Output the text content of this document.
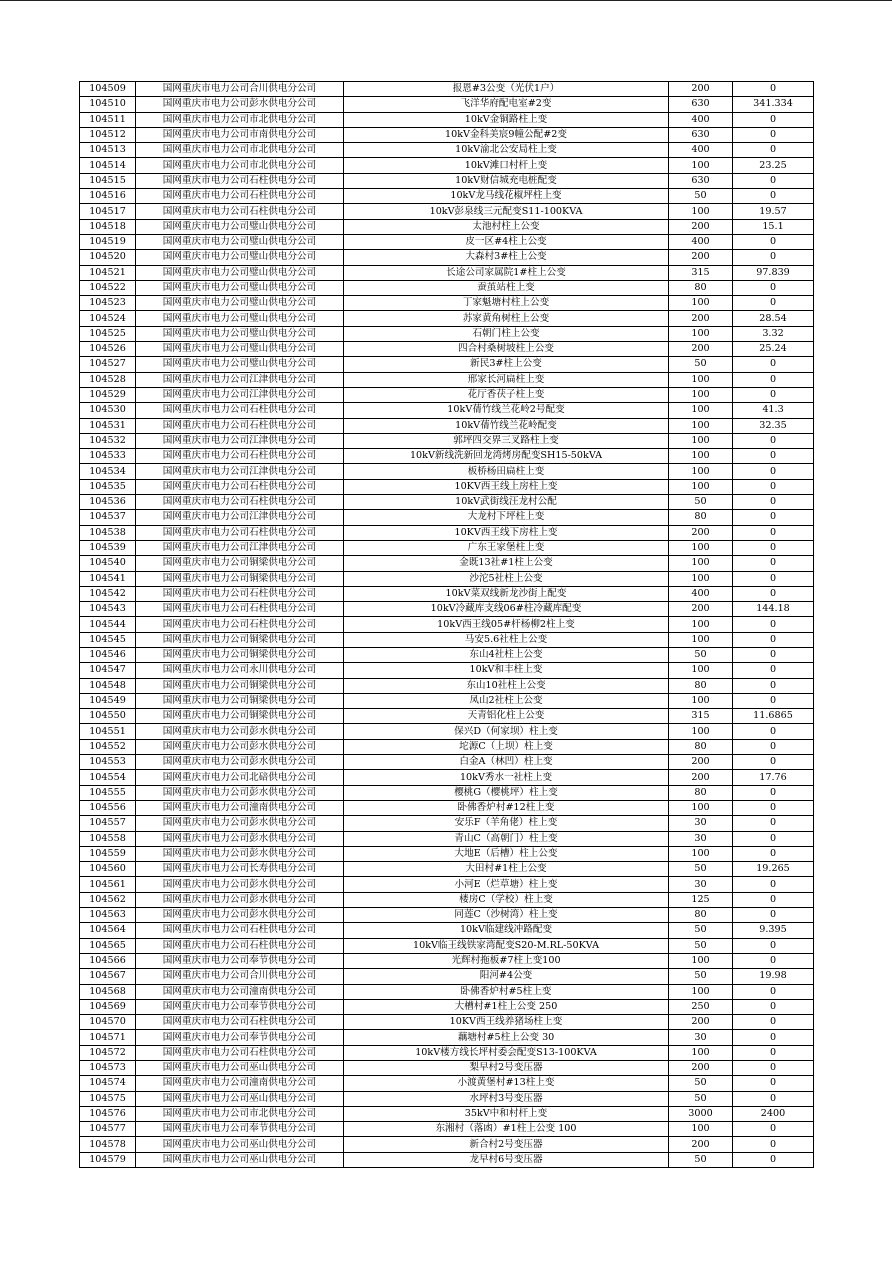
104509	国网重庆市电力公司合川供电分公司	报恩#3公变（光伏1户）	200	0
104510	国网重庆市电力公司彭水供电分公司	飞洋华府配电室#2变	630	341.334
104511	国网重庆市电力公司市北供电分公司	10kV金铜路柱上变	400	0
104512	国网重庆市电力公司市南供电分公司	10kV金科美宸9幢公配#2变	630	0
104513	国网重庆市电力公司市北供电分公司	10kV渝北公安局柱上变	400	0
104514	国网重庆市电力公司市北供电分公司	10kV滩口村杆上变	100	23.25
104515	国网重庆市电力公司石柱供电分公司	10kV财信城充电桩配变	630	0
104516	国网重庆市电力公司石柱供电分公司	10kV龙马线花椒坪柱上变	50	0
104517	国网重庆市电力公司石柱供电分公司	10kV彭泉线三元配变S11-100KVA	100	19.57
104518	国网重庆市电力公司璧山供电分公司	太池村柱上公变	200	15.1
104519	国网重庆市电力公司璧山供电分公司	皮一区#4柱上公变	400	0
104520	国网重庆市电力公司璧山供电分公司	大森村3#柱上公变	200	0
104521	国网重庆市电力公司璧山供电分公司	长途公司家属院1#柱上公变	315	97.839
104522	国网重庆市电力公司璧山供电分公司	蚕茧站柱上变	80	0
104523	国网重庆市电力公司璧山供电分公司	丁家魁塘村柱上公变	100	0
104524	国网重庆市电力公司璧山供电分公司	苏家黄角树柱上公变	200	28.54
104525	国网重庆市电力公司璧山供电分公司	石朝门柱上公变	100	3.32
104526	国网重庆市电力公司璧山供电分公司	四合村桑树坡柱上公变	200	25.24
104527	国网重庆市电力公司璧山供电分公司	新民3#柱上公变	50	0
104528	国网重庆市电力公司江津供电分公司	邢家长河扁柱上变	100	0
104529	国网重庆市电力公司江津供电分公司	花厅香茯子柱上变	100	0
104530	国网重庆市电力公司石柱供电分公司	10kV蒨竹线兰花岭2号配变	100	41.3
104531	国网重庆市电力公司石柱供电分公司	10kV蒨竹线兰花岭配变	100	32.35
104532	国网重庆市电力公司江津供电分公司	郭坪四交界三叉路柱上变	100	0
104533	国网重庆市电力公司石柱供电分公司	10kV新线洗新回龙湾烤房配变SH15-50kVA	100	0
104534	国网重庆市电力公司江津供电分公司	板桥杨田扁柱上变	100	0
104535	国网重庆市电力公司石柱供电分公司	10KV西王线上房柱上变	100	0
104536	国网重庆市电力公司石柱供电分公司	10kV武街线汪龙村公配	50	0
104537	国网重庆市电力公司江津供电分公司	大龙村下坪柱上变	80	0
104538	国网重庆市电力公司石柱供电分公司	10KV西王线下房柱上变	200	0
104539	国网重庆市电力公司江津供电分公司	广东王家堡柱上变	100	0
104540	国网重庆市电力公司铜梁供电分公司	金既13社#1柱上公变	100	0
104541	国网重庆市电力公司铜梁供电分公司	沙沱5社柱上公变	100	0
104542	国网重庆市电力公司石柱供电分公司	10kV菜双线新龙沙街上配变	400	0
104543	国网重庆市电力公司石柱供电分公司	10kV冷藏库支线06#柱冷藏库配变	200	144.18
104544	国网重庆市电力公司石柱供电分公司	10kV西王线05#杆杨柳2柱上变	100	0
104545	国网重庆市电力公司铜梁供电分公司	马安5.6社柱上公变	100	0
104546	国网重庆市电力公司铜梁供电分公司	东山4社柱上公变	50	0
104547	国网重庆市电力公司永川供电分公司	10kV和丰柱上变	100	0
104548	国网重庆市电力公司铜梁供电分公司	东山10社柱上公变	80	0
104549	国网重庆市电力公司铜梁供电分公司	凤山2社柱上公变	100	0
104550	国网重庆市电力公司铜梁供电分公司	天青铝化柱上公变	315	11.6865
104551	国网重庆市电力公司彭水供电分公司	保兴D（何家坝）柱上变	100	0
104552	国网重庆市电力公司彭水供电分公司	坨源C（上坝）柱上变	80	0
104553	国网重庆市电力公司彭水供电分公司	白金A（林凹）柱上变	200	0
104554	国网重庆市电力公司北碚供电分公司	10kV秀水一社柱上变	200	17.76
104555	国网重庆市电力公司彭水供电分公司	樱桃G（樱桃坪）柱上变	80	0
104556	国网重庆市电力公司潼南供电分公司	卧佛香炉村#12柱上变	100	0
104557	国网重庆市电力公司彭水供电分公司	安乐F（羊角佬）柱上变	30	0
104558	国网重庆市电力公司彭水供电分公司	青山C（高朝门）柱上变	30	0
104559	国网重庆市电力公司彭水供电分公司	大地E（后槽）柱上公变	100	0
104560	国网重庆市电力公司长寿供电分公司	大田村#1柱上公变	50	19.265
104561	国网重庆市电力公司彭水供电分公司	小河E（烂草塘）柱上变	30	0
104562	国网重庆市电力公司彭水供电分公司	楼房C（学校）柱上变	125	0
104563	国网重庆市电力公司彭水供电分公司	同莲C（沙树湾）柱上变	80	0
104564	国网重庆市电力公司石柱供电分公司	10kV临建线冲路配变	50	9.395
104565	国网重庆市电力公司石柱供电分公司	10kV临王线铁家湾配变S20-M.RL-50KVA	50	0
104566	国网重庆市电力公司奉节供电分公司	光辉村拖板#7柱上变100	100	0
104567	国网重庆市电力公司合川供电分公司	阳河#4公变	50	19.98
104568	国网重庆市电力公司潼南供电分公司	卧佛香炉村#5柱上变	100	0
104569	国网重庆市电力公司奉节供电分公司	大槽村#1柱上公变 250	250	0
104570	国网重庆市电力公司石柱供电分公司	10KV西王线养猪场柱上变	200	0
104571	国网重庆市电力公司奉节供电分公司	藕塘村#5柱上公变 30	30	0
104572	国网重庆市电力公司石柱供电分公司	10kV楼方线长坪村委会配变S13-100KVA	100	0
104573	国网重庆市电力公司巫山供电分公司	梨早村2号变压器	200	0
104574	国网重庆市电力公司潼南供电分公司	小渡黄堡村#13柱上变	50	0
104575	国网重庆市电力公司巫山供电分公司	水坪村3号变压器	50	0
104576	国网重庆市电力公司市北供电分公司	35kV中和村杆上变	3000	2400
104577	国网重庆市电力公司奉节供电分公司	东湘村（落凼）#1柱上公变 100	100	0
104578	国网重庆市电力公司巫山供电分公司	新合村2号变压器	200	0
104579	国网重庆市电力公司巫山供电分公司	龙早村6号变压器	50	0
